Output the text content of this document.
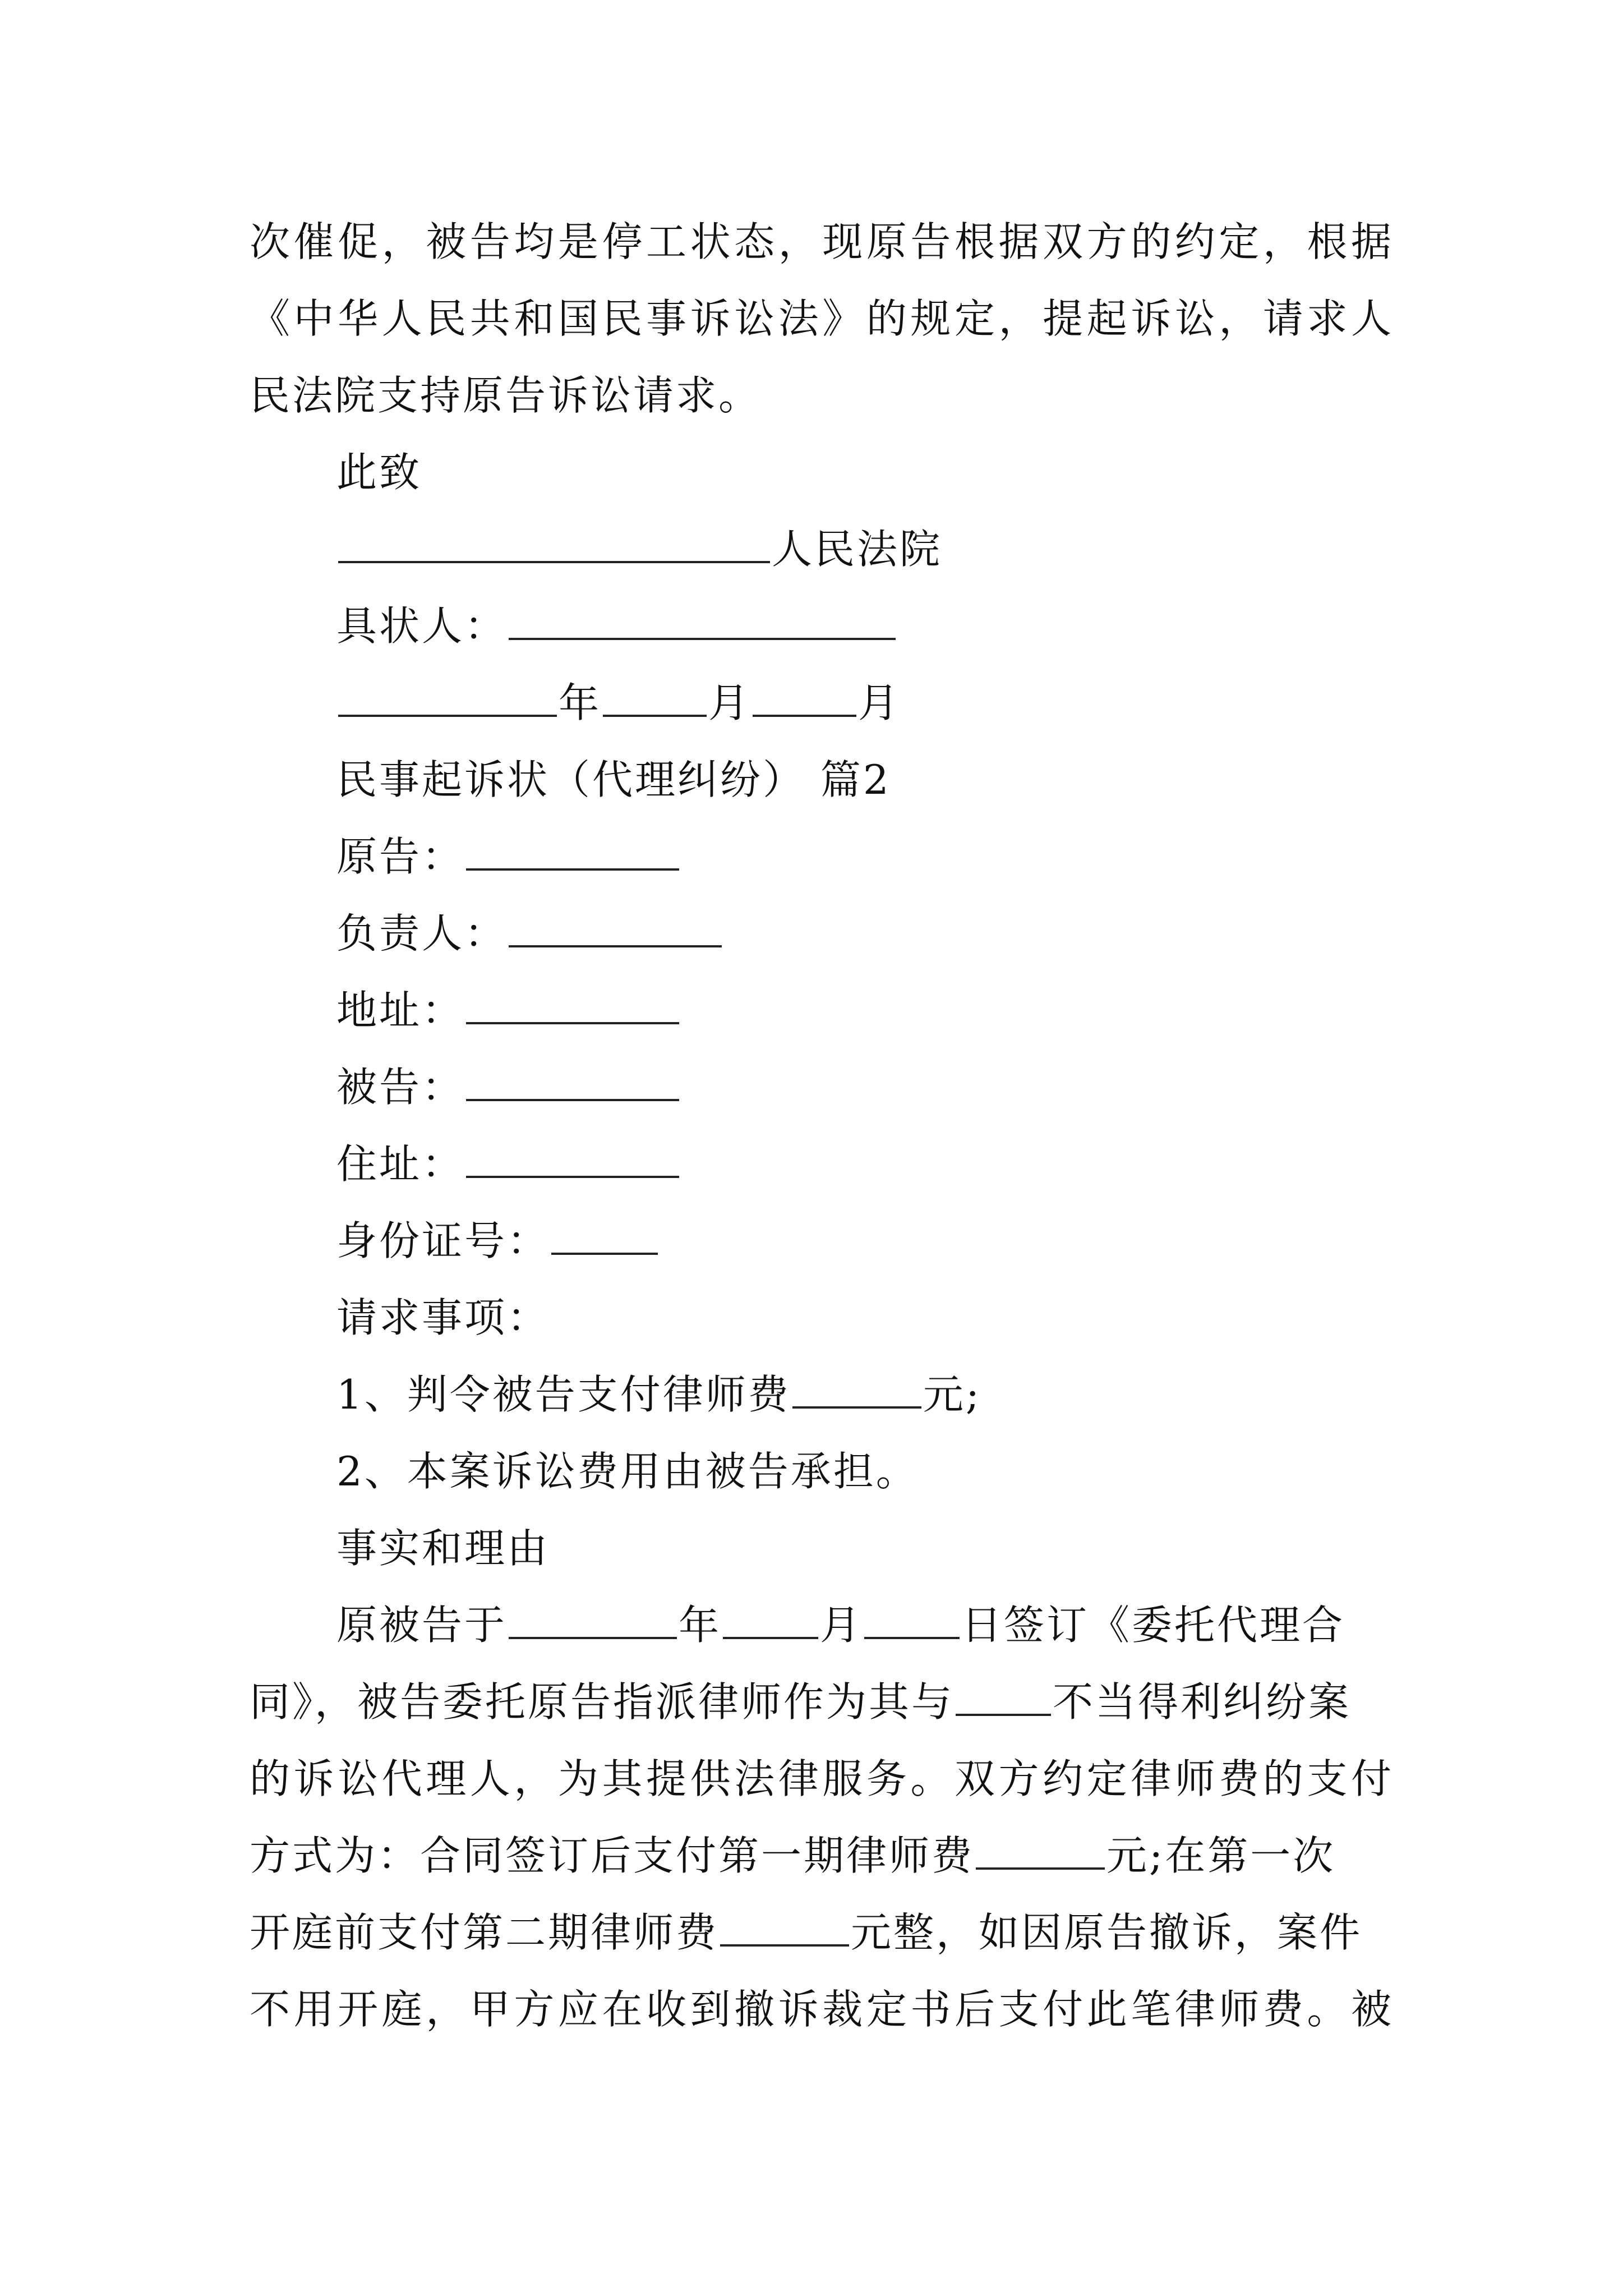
次催促，被告均是停工状态，现原告根据双方的约定，根据
《中华人民共和国民事诉讼法》的规定，提起诉讼，请求人
民法院支持原告诉讼请求。
此致
人民法院
具状人：
年	月	月
民事起诉状（代理纠纷） 篇2
原告：
负责人：
地址：
被告：
住址：
身份证号：
请求事项：
1、判令被告支付律师费	元;
2、本案诉讼费用由被告承担。
事实和理由
原被告于	年 月 日签订《委托代理合
同》，被告委托原告指派律师作为其与 不当得利纠纷案
的诉讼代理人，为其提供法律服务。双方约定律师费的支付
方式为：合同签订后支付第一期律师费	元;在第一次
开庭前支付第二期律师费	元整，如因原告撤诉，案件
不用开庭，甲方应在收到撤诉裁定书后支付此笔律师费。被
